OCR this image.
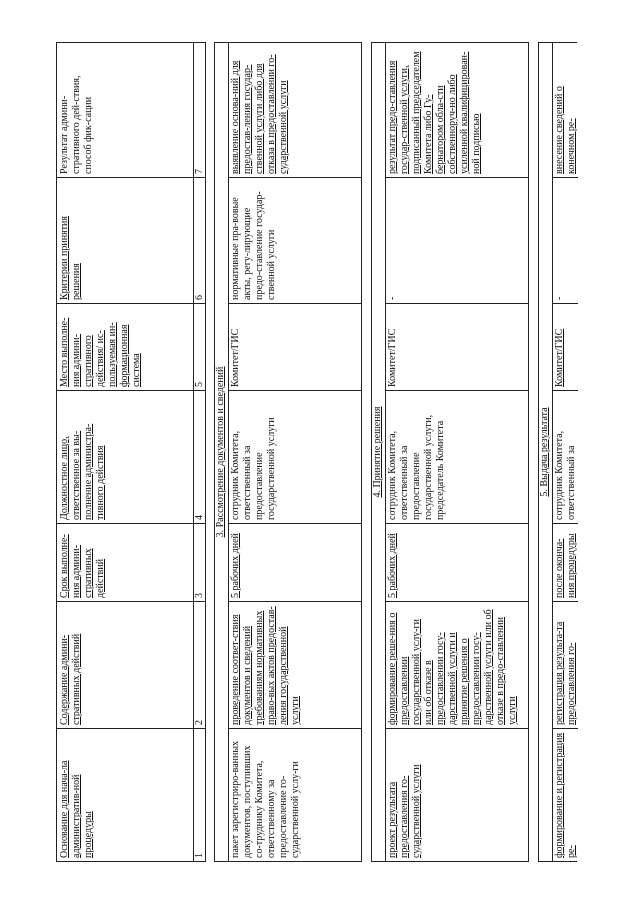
Основание для нача-ла административ-ной процедуры
Содержание админи-стративных действий
Срок выполне-ния админи-стративных действий
Должностное лицо, ответственное за вы-полнение администра-тивного действия
Место выполне-ния админи-стративного действия/ ис-пользуемая ин-формационная система
Критерии принятия решения
Результат админи-стративного дей-ствия, способ фик-сации
1
2
3
4
5
6
7
3. Рассмотрение документов и сведений
пакет зарегистриро-ванных документов, поступивших со-труднику Комитета, ответственному за предоставление го-сударственной услу-ги
проведение соответ-ствия документов и сведений требованиям нормативных право-вых актов предостав-ления государственной услуги
5 рабочих дней
сотрудник Комитета, ответственный за предоставление государственной услуги
Комитет/ГИС
нормативные пра-вовые акты, регу-лирующие предо-ставление государ-ственной услуги
выявление основа-ний для предостав-ления государ-ственной услуги либо для отказа в предоставлении го-сударственной услуги
4. Принятие решения
проект результата предоставления го-сударственной услуги
формирование реше-ния о предоставлении государственной услу-ги или об отказе в предоставлении госу-дарственной услуги и принятие решения о предоставлении госу-дарственной услуги или об отказе в предо-ставлении услуги
5 рабочих дней
сотрудник Комитета, ответственный за предоставление государственной услуги, председатель Комитета
Комитет/ГИС
-
результат предо-ставления государ-ственной услуги, подписанный председателем Комитета либо Гу-бернатором обла-сти собственноруч-но либо усиленной квалифицирован-ной подписью
5. Выдача результата
формирование и регистрация ре-
регистрация результа-та предоставления го-
после оконча-ния процедуры
сотрудник Комитета, ответственный за
Комитет/ГИС
-
внесение сведений о конечном ре-
